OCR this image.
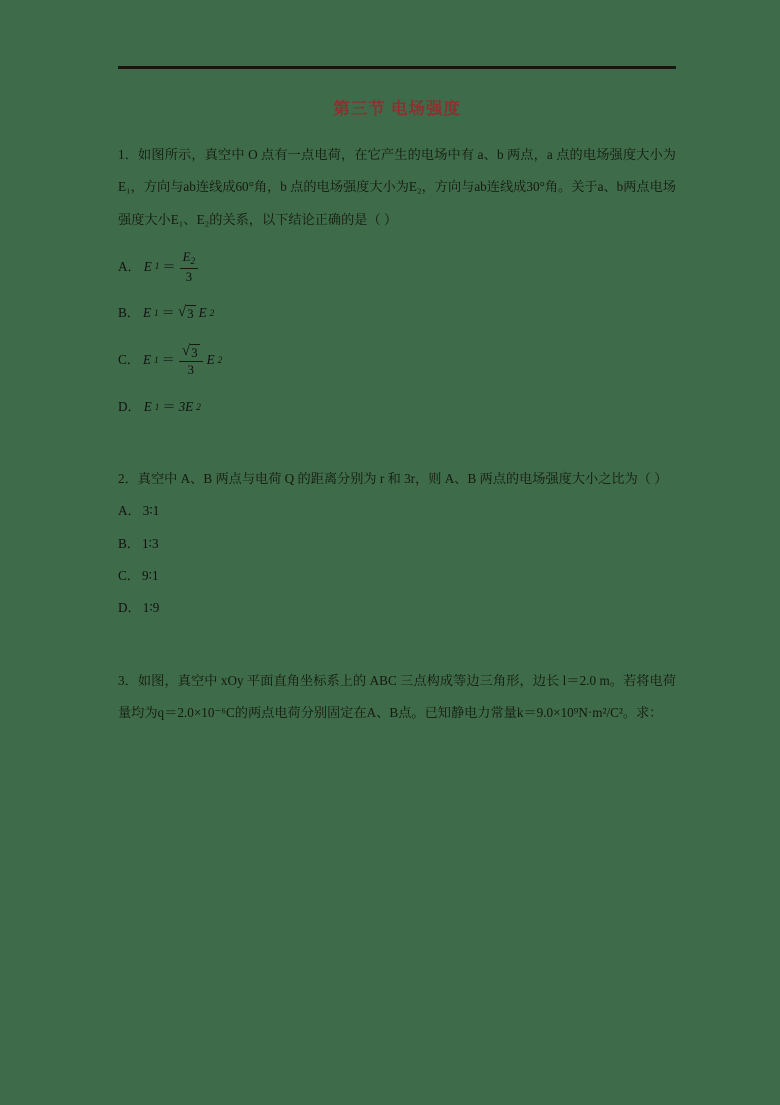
第三节 电场强度

1．如图所示，真空中 O 点有一点电荷，在它产生的电场中有 a、b 两点，a 点的电场强度大小为E₁，方向与ab连线成60°角，b 点的电场强度大小为E₂，方向与ab连线成30°角。关于a、b两点电场强度大小E₁、E₂的关系，以下结论正确的是（ ）

A． E $1 = \frac{E_2}{3}$
B． E 1 ＝ √ 3 E 2
C． E $1 = \frac{√ 3}{3}$ E 2
D． E 1 ＝ 3E 2

2．真空中 A、B 两点与电荷 Q 的距离分别为 r 和 3r，则 A、B 两点的电场强度大小之比为（ ）

A． 3∶1
B． 1∶3
C． 9∶1
D． 1∶9

3．如图，真空中 xOy 平面直角坐标系上的 ABC 三点构成等边三角形，边长 l＝2.0 m。若将电荷量均为q＝2.0×10⁻⁶C的两点电荷分别固定在A、B点。已知静电力常量k＝9.0×10⁹N·m²/C²。求：
